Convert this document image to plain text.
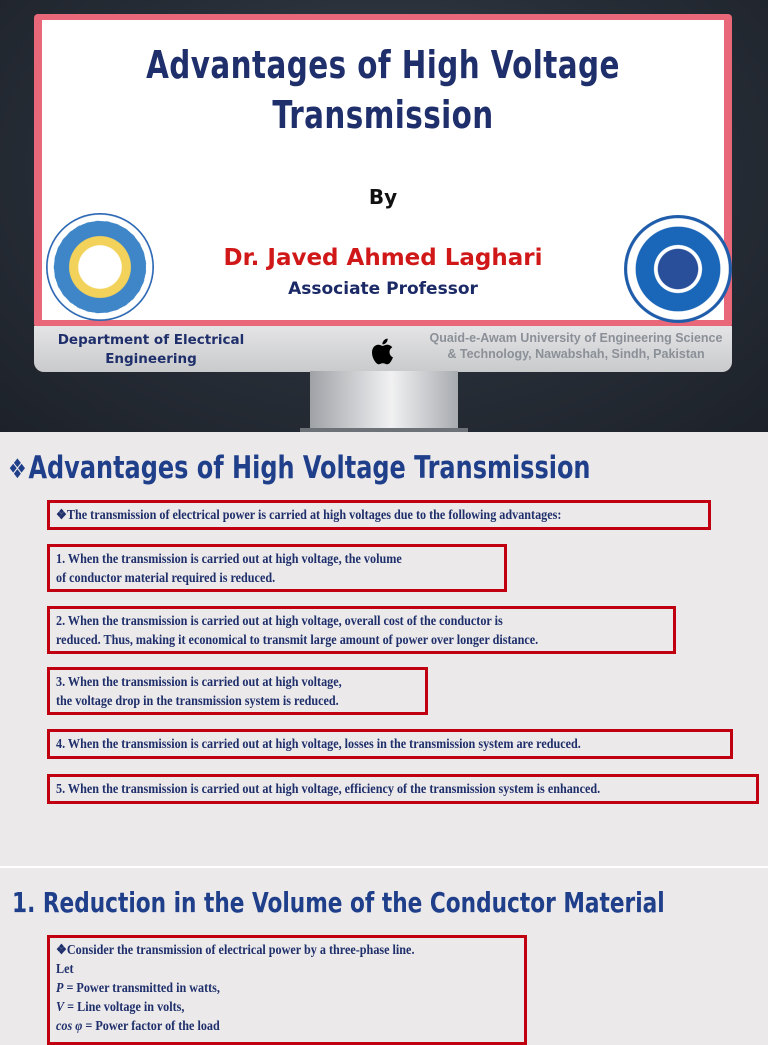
Advantages of High Voltage
Transmission
By
Dr. Javed Ahmed Laghari
Associate Professor
Department of Electrical
Engineering
Quaid-e-Awam University of Engineering Science
& Technology, Nawabshah, Sindh, Pakistan
❖Advantages of High Voltage Transmission
❖The transmission of electrical power is carried at high voltages due to the following advantages:
1. When the transmission is carried out at high voltage, the volume
of conductor material required is reduced.
2. When the transmission is carried out at high voltage, overall cost of the conductor is
reduced. Thus, making it economical to transmit large amount of power over longer distance.
3. When the transmission is carried out at high voltage,
the voltage drop in the transmission system is reduced.
4. When the transmission is carried out at high voltage, losses in the transmission system are reduced.
5. When the transmission is carried out at high voltage, efficiency of the transmission system is enhanced.
1. Reduction in the Volume of the Conductor Material
❖Consider the transmission of electrical power by a three-phase line.
Let
P = Power transmitted in watts,
V = Line voltage in volts,
cos φ = Power factor of the load
